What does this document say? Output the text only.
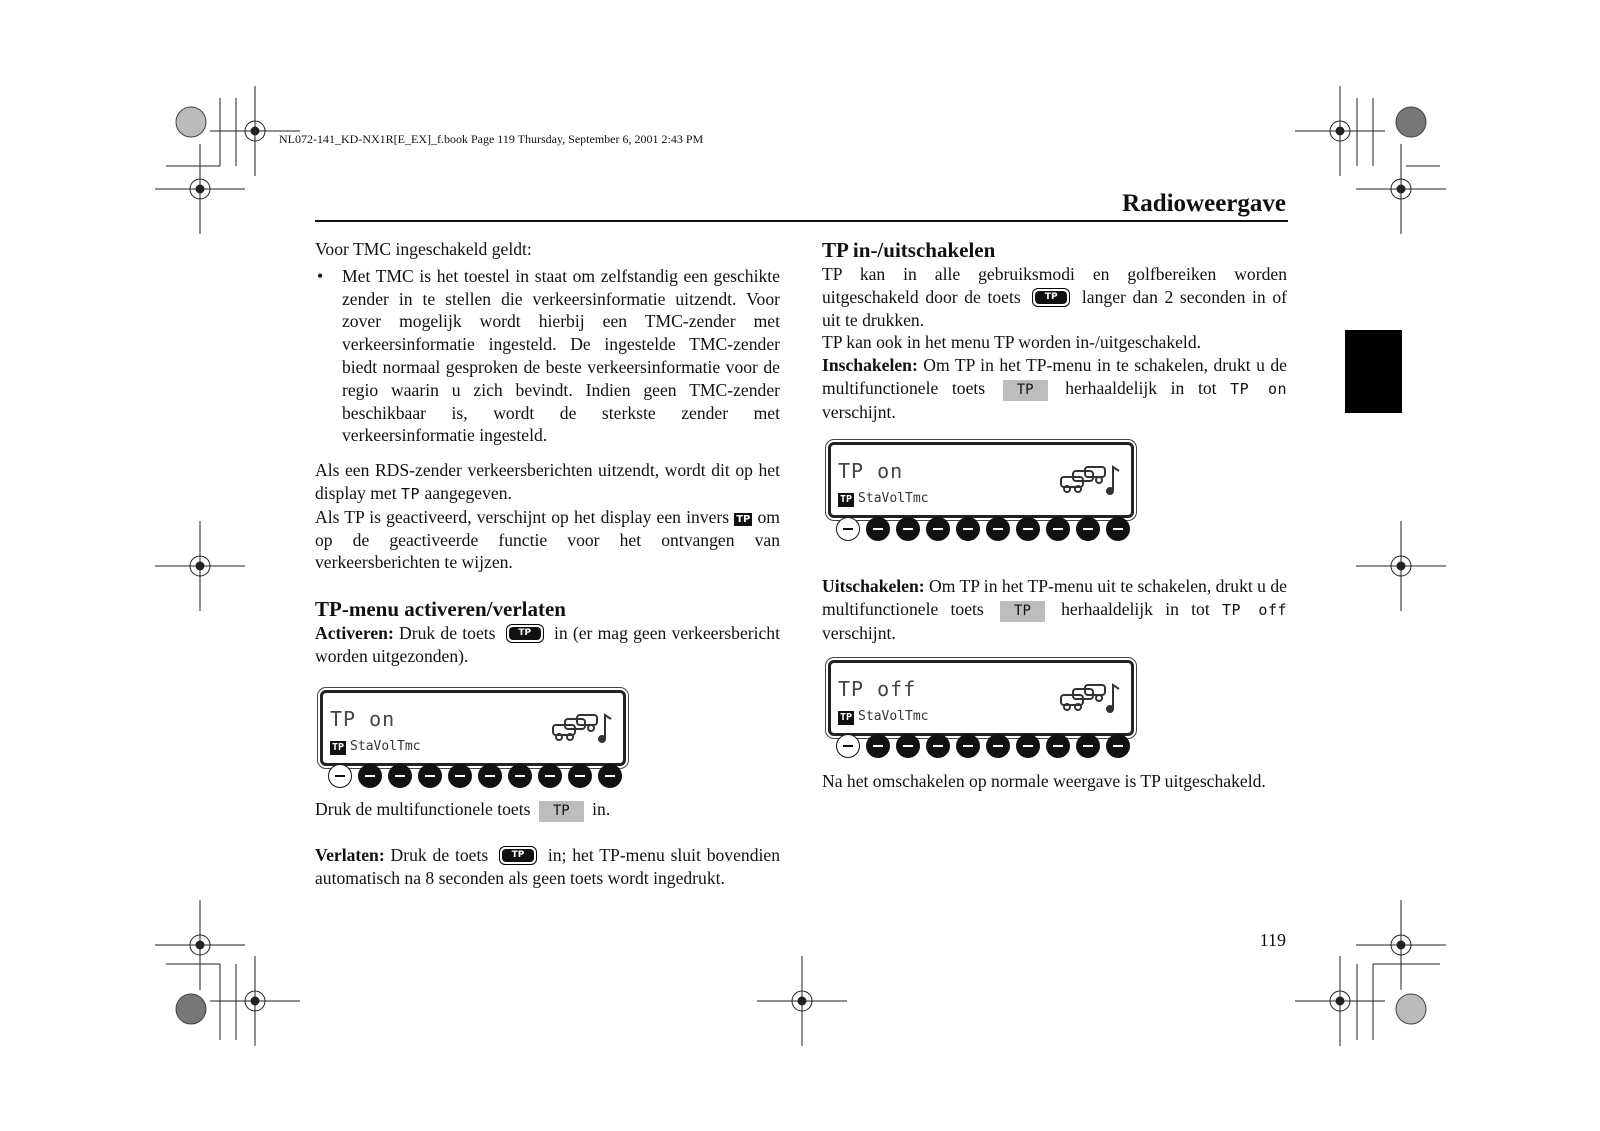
NL072-141_KD-NX1R[E_EX]_f.book Page 119 Thursday, September 6, 2001 2:43 PM
Radioweergave

Voor TMC ingeschakeld geldt:

• Met TMC is het toestel in staat om zelfstandig een geschikte zender in te stellen die verkeersinformatie uitzendt. Voor zover mogelijk wordt hierbij een TMC-zender met verkeersinformatie ingesteld. De ingestelde TMC-zender biedt normaal gesproken de beste verkeersinformatie voor de regio waarin u zich bevindt. Indien geen TMC-zender beschikbaar is, wordt de sterkste zender met verkeersinformatie ingesteld.

Als een RDS-zender verkeersberichten uitzendt, wordt dit op het display met TP aangegeven.

Als TP is geactiveerd, verschijnt op het display een invers TP om op de geactiveerde functie voor het ontvangen van verkeersberichten te wijzen.

TP-menu activeren/verlaten

Activeren: Druk de toets	TP	in (er mag geen verkeersbericht worden uitgezonden).

TP on
TP StaVolTmc

Druk de multifunctionele toets TP in.

Verlaten: Druk de toets	TP	in; het TP-menu sluit bovendien automatisch na 8 seconden als geen toets wordt ingedrukt.

TP in-/uitschakelen

TP kan in alle gebruiksmodi en golfbereiken worden uitgeschakeld door de toets	TP	langer dan 2 seconden in of uit te drukken.

TP kan ook in het menu TP worden in-/uitgeschakeld.

Inschakelen: Om TP in het TP-menu in te schakelen, drukt u de multifunctionele toets TP herhaaldelijk in tot TP on verschijnt.

TP on
TP StaVolTmc

Uitschakelen: Om TP in het TP-menu uit te schakelen, drukt u de multifunctionele toets TP herhaaldelijk in tot TP off verschijnt.

TP off
TP StaVolTmc
Na het omschakelen op normale weergave is TP uitgeschakeld.
119
